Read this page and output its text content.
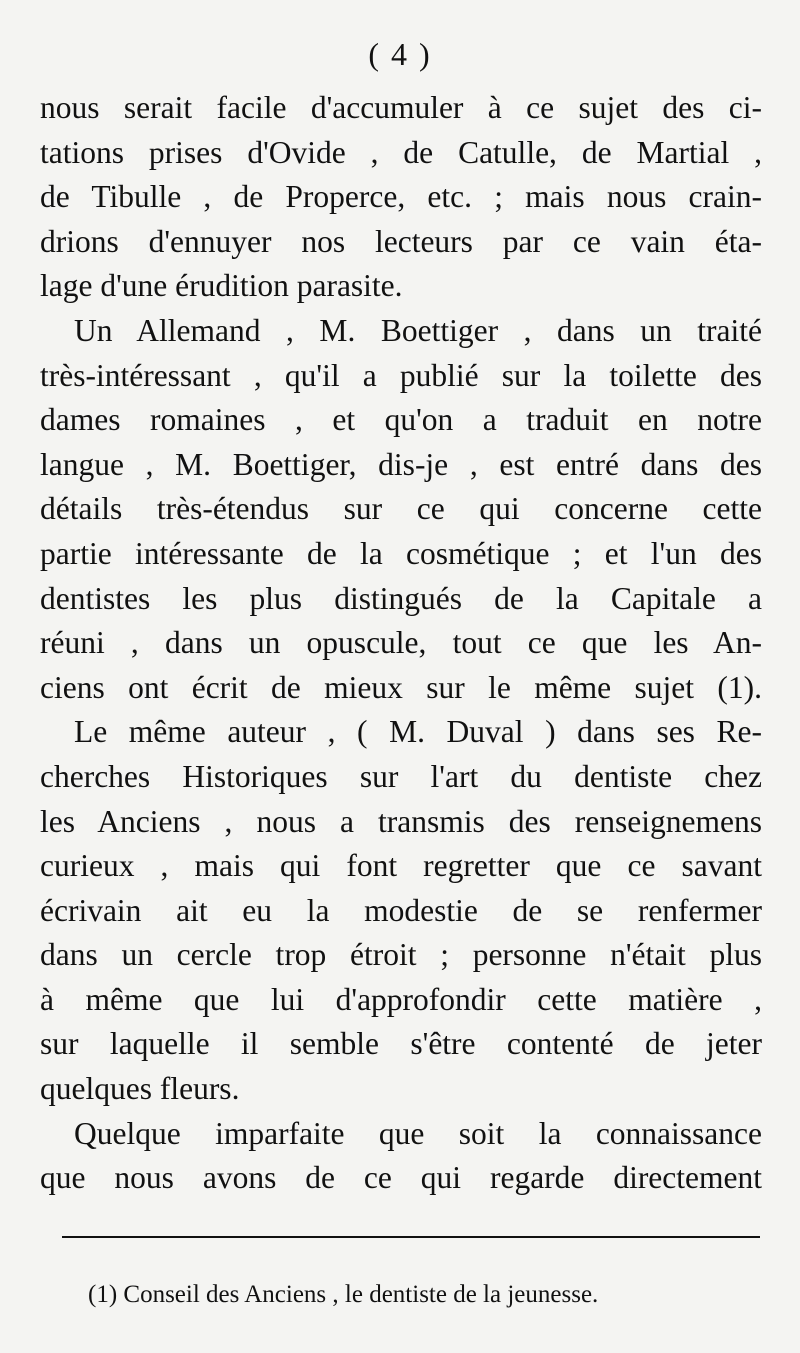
( 4 )
nous serait facile d'accumuler à ce sujet des ci-
tations prises d'Ovide , de Catulle, de Martial ,
de Tibulle , de Properce, etc. ; mais nous crain-
drions d'ennuyer nos lecteurs par ce vain éta-
lage d'une érudition parasite.
Un Allemand , M. Boettiger , dans un traité
très-intéressant , qu'il a publié sur la toilette des
dames romaines , et qu'on a traduit en notre
langue , M. Boettiger, dis-je , est entré dans des
détails très-étendus sur ce qui concerne cette
partie intéressante de la cosmétique ; et l'un des
dentistes les plus distingués de la Capitale a
réuni , dans un opuscule, tout ce que les An-
ciens ont écrit de mieux sur le même sujet (1).
Le même auteur , ( M. Duval ) dans ses Re-
cherches Historiques sur l'art du dentiste chez
les Anciens , nous a transmis des renseignemens
curieux , mais qui font regretter que ce savant
écrivain ait eu la modestie de se renfermer
dans un cercle trop étroit ; personne n'était plus
à même que lui d'approfondir cette matière ,
sur laquelle il semble s'être contenté de jeter
quelques fleurs.
Quelque imparfaite que soit la connaissance
que nous avons de ce qui regarde directement
(1) Conseil des Anciens , le dentiste de la jeunesse.
